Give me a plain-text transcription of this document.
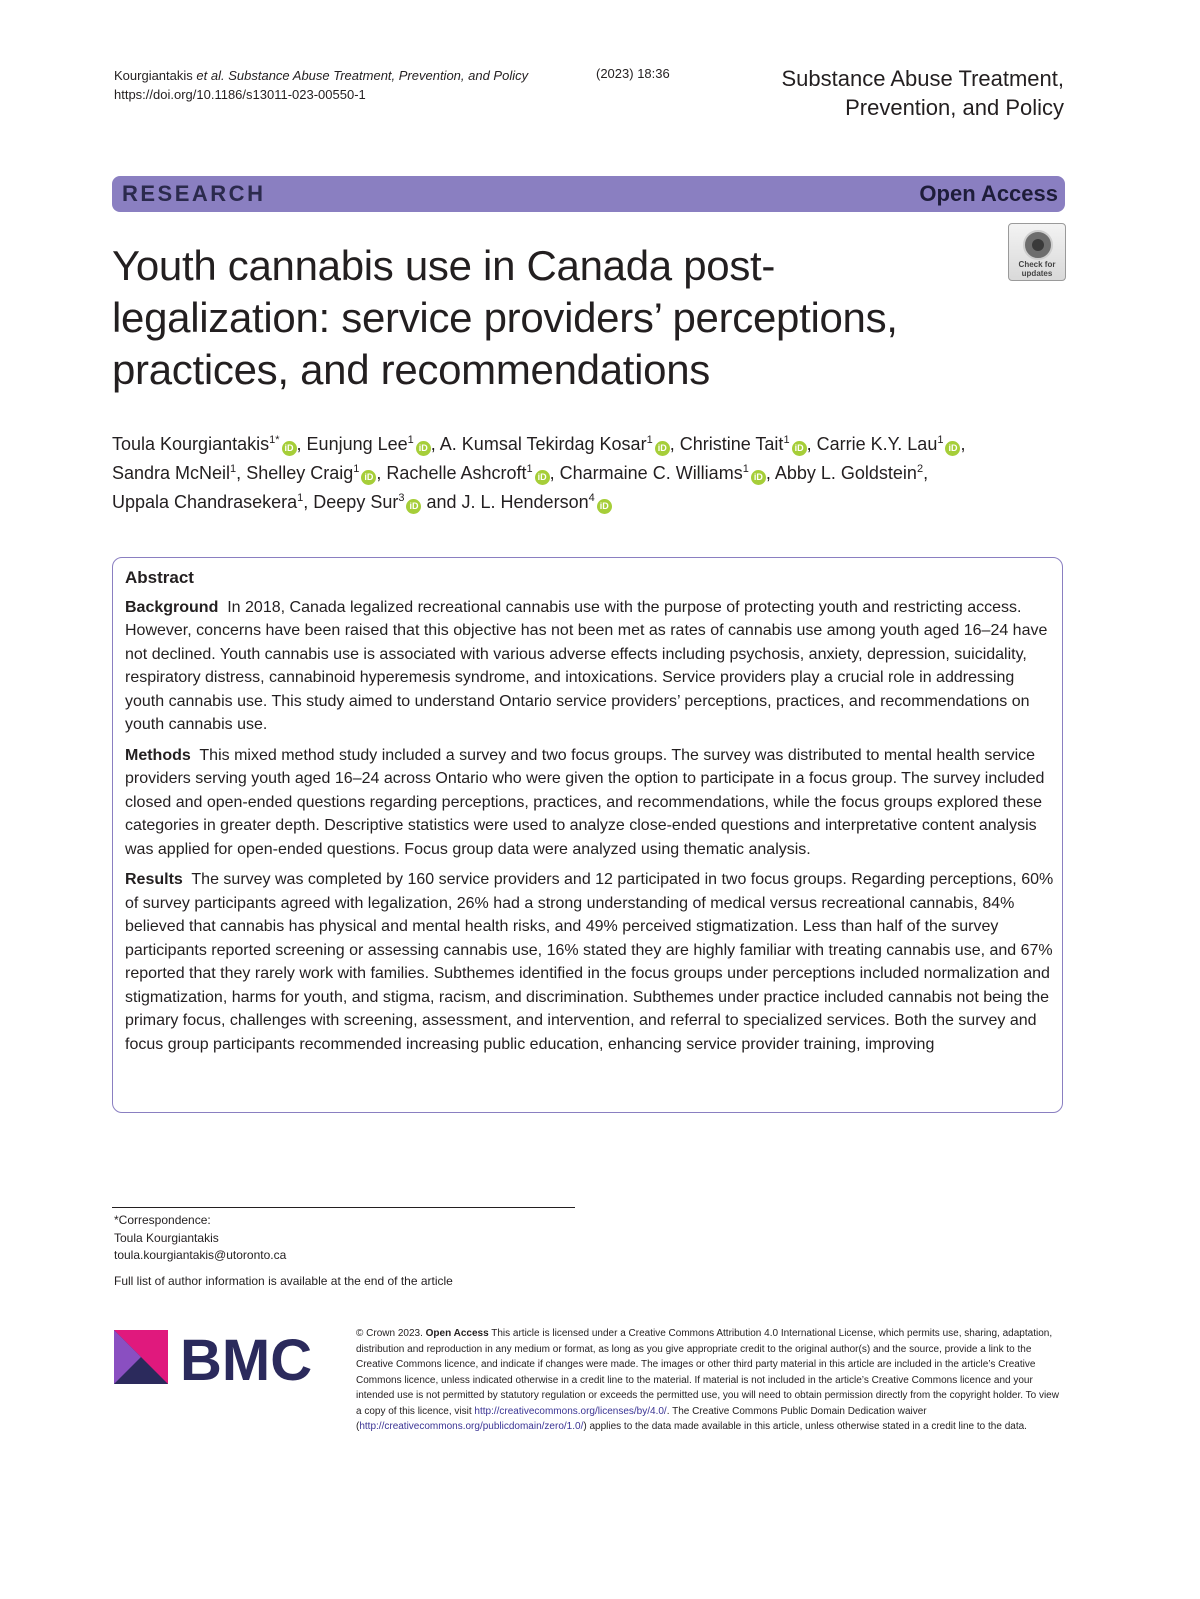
Kourgiantakis et al. Substance Abuse Treatment, Prevention, and Policy
https://doi.org/10.1186/s13011-023-00550-1
(2023) 18:36	Substance Abuse Treatment,
Prevention, and Policy
RESEARCH	Open Access
Check for updates
Youth cannabis use in Canada post-legalization: service providers’ perceptions, practices, and recommendations
Toula Kourgiantakis$^{1*}$iD , Eunjung Lee$^1$iD , A. Kumsal Tekirdag Kosar$^1$iD , Christine Tait$^1$iD , Carrie K.Y. Lau$^1$iD ,
Sandra McNeil$^1$, Shelley Craig$^1$iD , Rachelle Ashcroft$^1$iD , Charmaine C. Williams$^1$iD , Abby L. Goldstein$^2$,
Uppala Chandrasekera$^1$, Deepy Sur$^3$iD and J. L. Henderson$^4$iD
Abstract
Background In 2018, Canada legalized recreational cannabis use with the purpose of protecting youth and restricting access. However, concerns have been raised that this objective has not been met as rates of cannabis use among youth aged 16–24 have not declined. Youth cannabis use is associated with various adverse effects including psychosis, anxiety, depression, suicidality, respiratory distress, cannabinoid hyperemesis syndrome, and intoxications. Service providers play a crucial role in addressing youth cannabis use. This study aimed to understand Ontario service providers’ perceptions, practices, and recommendations on youth cannabis use.
Methods This mixed method study included a survey and two focus groups. The survey was distributed to mental health service providers serving youth aged 16–24 across Ontario who were given the option to participate in a focus group. The survey included closed and open-ended questions regarding perceptions, practices, and recommendations, while the focus groups explored these categories in greater depth. Descriptive statistics were used to analyze close-ended questions and interpretative content analysis was applied for open-ended questions. Focus group data were analyzed using thematic analysis.
Results The survey was completed by 160 service providers and 12 participated in two focus groups. Regarding perceptions, 60% of survey participants agreed with legalization, 26% had a strong understanding of medical versus recreational cannabis, 84% believed that cannabis has physical and mental health risks, and 49% perceived stigmatization. Less than half of the survey participants reported screening or assessing cannabis use, 16% stated they are highly familiar with treating cannabis use, and 67% reported that they rarely work with families. Subthemes identified in the focus groups under perceptions included normalization and stigmatization, harms for youth, and stigma, racism, and discrimination. Subthemes under practice included cannabis not being the primary focus, challenges with screening, assessment, and intervention, and referral to specialized services. Both the survey and focus group participants recommended increasing public education, enhancing service provider training, improving
*Correspondence:
Toula Kourgiantakis
toula.kourgiantakis@utoronto.ca
Full list of author information is available at the end of the article
BMC	© Crown 2023. Open Access This article is licensed under a Creative Commons Attribution 4.0 International License, which permits use, sharing, adaptation, distribution and reproduction in any medium or format, as long as you give appropriate credit to the original author(s) and the source, provide a link to the Creative Commons licence, and indicate if changes were made. The images or other third party material in this article are included in the article’s Creative Commons licence, unless indicated otherwise in a credit line to the material. If material is not included in the article’s Creative Commons licence and your intended use is not permitted by statutory regulation or exceeds the permitted use, you will need to obtain permission directly from the copyright holder. To view a copy of this licence, visit http://creativecommons.org/licenses/by/4.0/. The Creative Commons Public Domain Dedication waiver (http://creativecommons.org/publicdomain/zero/1.0/) applies to the data made available in this article, unless otherwise stated in a credit line to the data.
